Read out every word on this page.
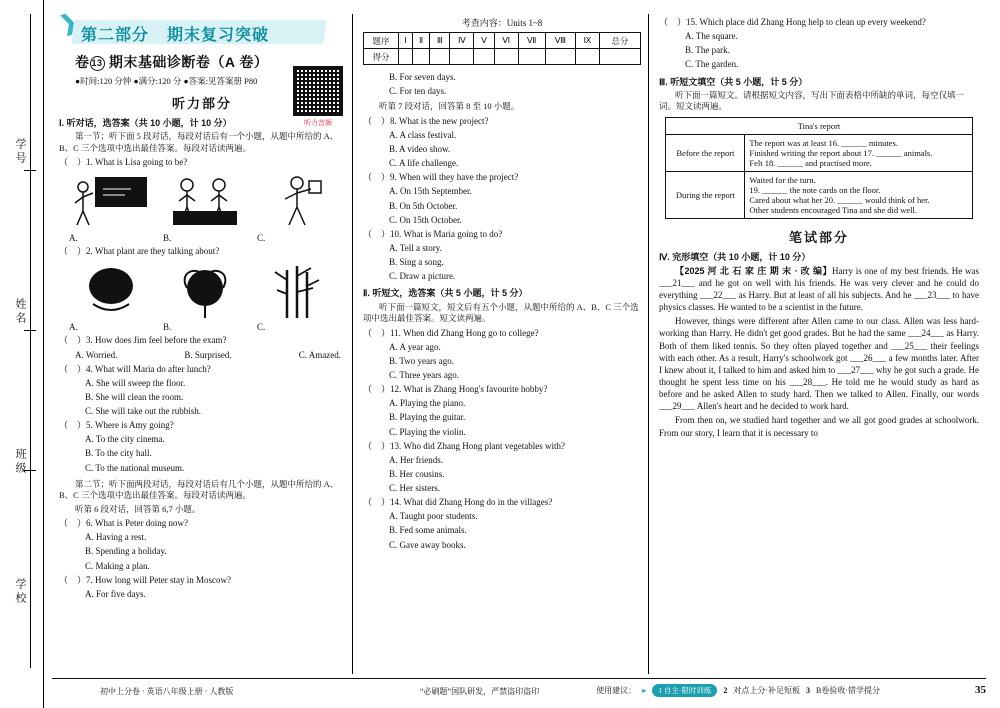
学号
姓名
班级
学校
❱ 第二部分 期末复习突破
卷 13 期末基础诊断卷（A 卷）
●时间:120 分钟 ●满分:120 分 ●答案:见答案册 P80
听力音频
听力部分

Ⅰ. 听对话，选答案（共 10 小题，计 10 分）

第一节；听下面 5 段对话，每段对话后有一个小题，从题中所给的 A、B、C 三个选项中选出最佳答案。每段对话读两遍。

（    ）1. What is Lisa going to be?

A.	B.	C.

（    ）2. What plant are they talking about?

A.	B.	C.

（    ）3. How does Jim feel before the exam?

A. Worried.	B. Surprised.	C. Amazed.

（    ）4. What will Maria do after lunch?

A. She will sweep the floor.

B. She will clean the room.

C. She will take out the rubbish.

（    ）5. Where is Amy going?

A. To the city cinema.

B. To the city hall.

C. To the national museum.

第二节；听下面两段对话，每段对话后有几个小题，从题中所给的 A、B、C 三个选项中选出最佳答案。每段对话读两遍。

听第 6 段对话，回答第 6,7 小题。

（    ）6. What is Peter doing now?

A. Having a rest.

B. Spending a holiday.

C. Making a plan.

（    ）7. How long will Peter stay in Moscow?

A. For five days.

考查内容：Units 1~8
题序	Ⅰ	Ⅱ	Ⅲ	Ⅳ	Ⅴ	Ⅵ	Ⅶ	Ⅷ	Ⅸ	总分
得分										

B. For seven days.

C. For ten days.

听第 7 段对话，回答第 8 至 10 小题。

（    ）8. What is the new project?

A. A class festival.

B. A video show.

C. A life challenge.

（    ）9. When will they have the project?

A. On 15th September.

B. On 5th October.

C. On 15th October.

（    ）10. What is Maria going to do?

A. Tell a story.

B. Sing a song.

C. Draw a picture.

Ⅱ. 听短文，选答案（共 5 小题，计 5 分）

听下面一篇短文，短文后有五个小题，从题中所给的 A、B、C 三个选项中选出最佳答案。短文读两遍。

（    ）11. When did Zhang Hong go to college?

A. A year ago.

B. Two years ago.

C. Three years ago.

（    ）12. What is Zhang Hong's favourite hobby?

A. Playing the piano.

B. Playing the guitar.

C. Playing the violin.

（    ）13. Who did Zhang Hong plant vegetables with?

A. Her friends.

B. Her cousins.

C. Her sisters.

（    ）14. What did Zhang Hong do in the villages?

A. Taught poor students.

B. Fed some animals.

C. Gave away books.

（    ）15. Which place did Zhang Hong help to clean up every weekend?

A. The square.

B. The park.

C. The garden.

Ⅲ. 听短文填空（共 5 小题，计 5 分）

听下面一篇短文。请根据短文内容，写出下面表格中所缺的单词，每空仅填一词。短文读两遍。

Tina's report	
Before the report	The report was at least 16. ______ minutes.
Finished writing the report about 17. ______ animals.
Felt 18. ______ and practised more.

During the report	Waited for the turn.
19. ______ the note cards on the floor.
Cared about what her 20. ______ would think of her.
Other students encouraged Tina and she did well.
笔试部分

Ⅳ. 完形填空（共 10 小题，计 10 分）

【2025 河 北 石 家 庄 期 末 · 改 编】Harry is one of my best friends. He was ___21___ and he got on well with his friends. He was very clever and he could do everything ___22___ as Harry. But at least of all his subjects. And he ___23___ to have physics classes. He wanted to be a scientist in the future.

However, things were different after Allen came to our class. Allen was less hard-working than Harry. He didn't get good grades. But he had the same ___24___ as Harry. Both of them liked tennis. So they often played together and ___25___ their feelings with each other. As a result, Harry's schoolwork got ___26___ a few months later. After I knew about it, I talked to him and asked him to ___27___ why he got such a grade. He thought he spent less time on his ___28___. He told me he would study as hard as before and he asked Allen to study hard. Then we talked to Allen. Finally, our words ___29___ Allen's heart and he decided to work hard.

From then on, we studied hard together and we all got good grades at schoolwork. From our story, I learn that it is necessary to

初中上分卷 · 英语八年级上册 · 人教版	“必刷题”国队研发，严禁盗印盗印	使用建议： ▸	1 自主·限时训练	2 对点上分·补足短板 3 B卷验收·错学提分	35
